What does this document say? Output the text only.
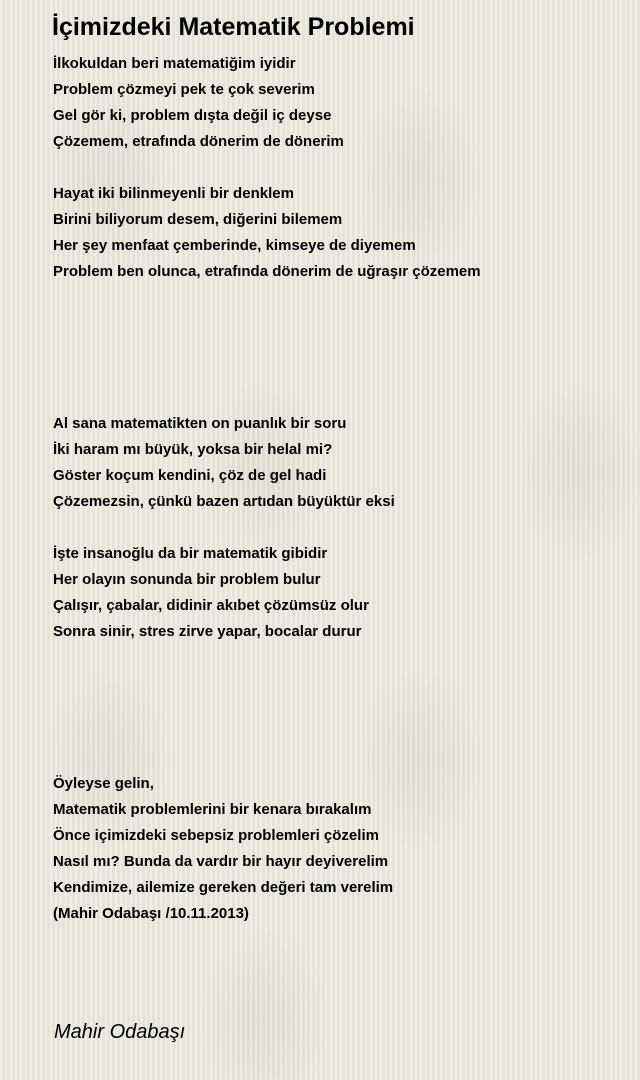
İçimizdeki Matematik Problemi
İlkokuldan beri matematiğim iyidir
Problem çözmeyi pek te çok severim
Gel gör ki, problem dışta değil iç deyse
Çözemem, etrafında dönerim de dönerim
Hayat iki bilinmeyenli bir denklem
Birini biliyorum desem, diğerini bilemem
Her şey menfaat çemberinde, kimseye de diyemem
Problem ben olunca, etrafında dönerim de uğraşır çözemem
Al sana matematikten on puanlık bir soru
İki haram mı büyük, yoksa bir helal mi?
Göster koçum kendini, çöz de gel hadi
Çözemezsin, çünkü bazen artıdan büyüktür eksi
İşte insanoğlu da bir matematik gibidir
Her olayın sonunda bir problem bulur
Çalışır, çabalar, didinir akıbet çözümsüz olur
Sonra sinir, stres zirve yapar, bocalar durur
Öyleyse gelin,
Matematik problemlerini bir kenara bırakalım
Önce içimizdeki sebepsiz problemleri çözelim
Nasıl mı? Bunda da vardır bir hayır deyiverelim
Kendimize, ailemize gereken değeri tam verelim
(Mahir Odabaşı /10.11.2013)

Mahir Odabaşı
